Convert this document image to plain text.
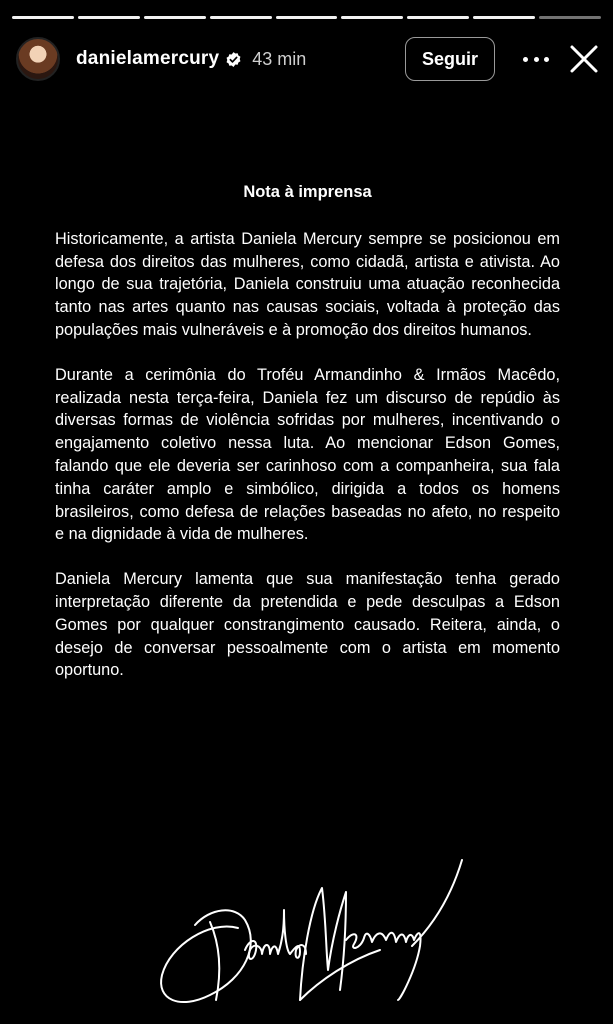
danielamercury 43 min	Seguir
Nota à imprensa

Historicamente, a artista Daniela Mercury sempre se posicionou em defesa dos direitos das mulheres, como cidadã, artista e ativista. Ao longo de sua trajetória, Daniela construiu uma atuação reconhecida tanto nas artes quanto nas causas sociais, voltada à proteção das populações mais vulneráveis e à promoção dos direitos humanos.

Durante a cerimônia do Troféu Armandinho & Irmãos Macêdo, realizada nesta terça-feira, Daniela fez um discurso de repúdio às diversas formas de violência sofridas por mulheres, incentivando o engajamento coletivo nessa luta. Ao mencionar Edson Gomes, falando que ele deveria ser carinhoso com a companheira, sua fala tinha caráter amplo e simbólico, dirigida a todos os homens brasileiros, como defesa de relações baseadas no afeto, no respeito e na dignidade à vida de mulheres.

Daniela Mercury lamenta que sua manifestação tenha gerado interpretação diferente da pretendida e pede desculpas a Edson Gomes por qualquer constrangimento causado. Reitera, ainda, o desejo de conversar pessoalmente com o artista em momento oportuno.
